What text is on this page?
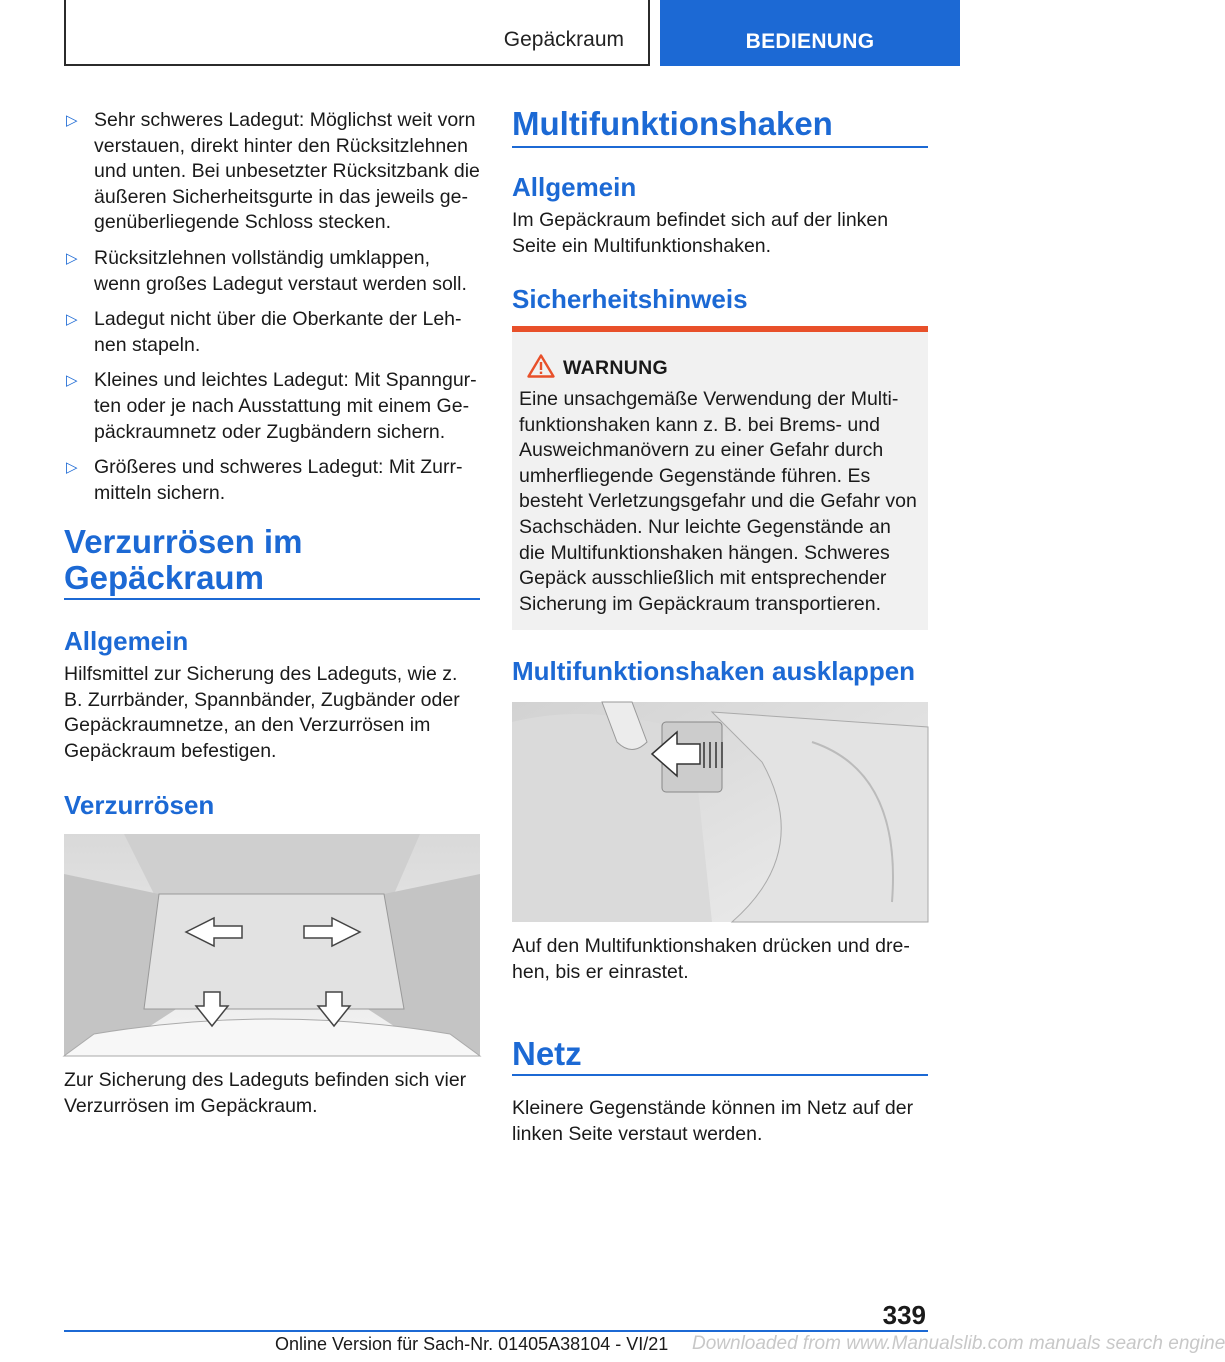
Gepäckraum	BEDIENUNG
▷ Sehr schweres Ladegut: Möglichst weit vorn verstauen, direkt hinter den Rücksitzlehnen und unten. Bei unbesetzter Rücksitzbank die äußeren Sicherheitsgurte in das jeweils gegenüberliegende Schloss stecken.
▷ Rücksitzlehnen vollständig umklappen, wenn großes Ladegut verstaut werden soll.
▷ Ladegut nicht über die Oberkante der Lehnen stapeln.
▷ Kleines und leichtes Ladegut: Mit Spanngurten oder je nach Ausstattung mit einem Gepäckraumnetz oder Zugbändern sichern.
▷ Größeres und schweres Ladegut: Mit Zurrmitteln sichern.
Verzurrösen im Gepäckraum
Allgemein

Hilfsmittel zur Sicherung des Ladeguts, wie z. B. Zurrbänder, Spannbänder, Zugbänder oder Gepäckraumnetze, an den Verzurrösen im Gepäckraum befestigen.

Verzurrösen

Zur Sicherung des Ladeguts befinden sich vier Verzurrösen im Gepäckraum.

Multifunktionshaken
Allgemein

Im Gepäckraum befindet sich auf der linken Seite ein Multifunktionshaken.

Sicherheitshinweis
WARNUNG

Eine unsachgemäße Verwendung der Multifunktionshaken kann z. B. bei Brems- und Ausweichmanövern zu einer Gefahr durch umherfliegende Gegenstände führen. Es besteht Verletzungsgefahr und die Gefahr von Sachschäden. Nur leichte Gegenstände an die Multifunktionshaken hängen. Schweres Gepäck ausschließlich mit entsprechender Sicherung im Gepäckraum transportieren.

Multifunktionshaken ausklappen

Auf den Multifunktionshaken drücken und drehen, bis er einrastet.

Netz

Kleinere Gegenstände können im Netz auf der linken Seite verstaut werden.

339
Online Version für Sach-Nr. 01405A38104 - VI/21 Downloaded from www.Manualslib.com manuals search engine
